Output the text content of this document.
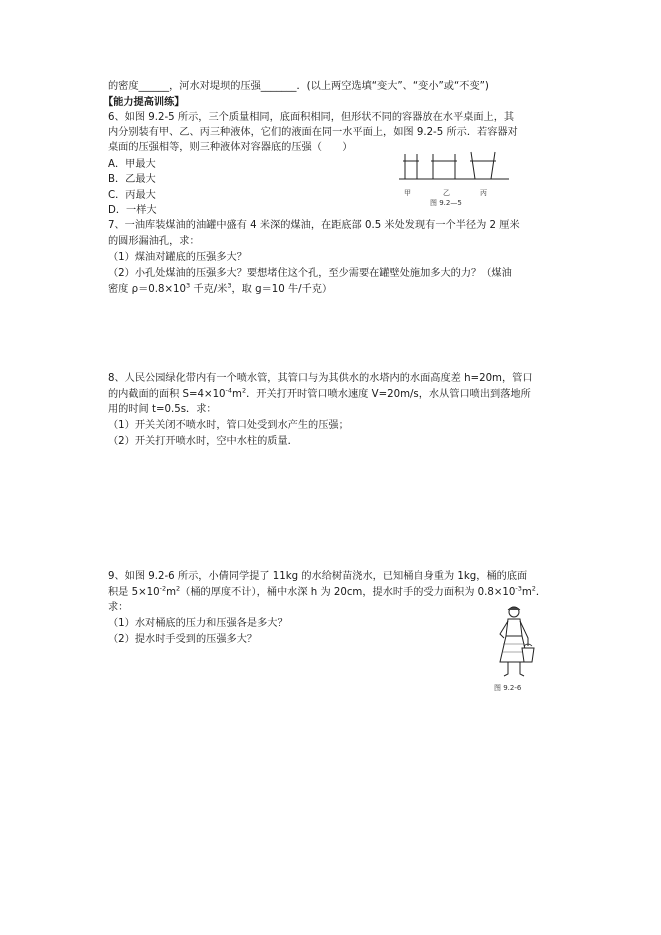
的密度______，河水对堤坝的压强_______．(以上两空选填“变大”、“变小”或“不变”)
【能力提高训练】
6、如图 9.2-5 所示，三个质量相同，底面积相同，但形状不同的容器放在水平桌面上，其
内分别装有甲、乙、丙三种液体，它们的液面在同一水平面上，如图 9.2-5 所示．若容器对
桌面的压强相等，则三种液体对容器底的压强（　　）
A．甲最大
B．乙最大
C．丙最大
D．一样大
甲	乙	丙
图 9.2—5
7、一油库装煤油的油罐中盛有 4 米深的煤油，在距底部 0.5 米处发现有一个半径为 2 厘米
的圆形漏油孔，求：
（1）煤油对罐底的压强多大？
（2）小孔处煤油的压强多大？要想堵住这个孔，至少需要在罐壁处施加多大的力？（煤油
密度 $\rho=0.8\times 10^3$ 千克/米$^3$，取 g＝10 牛/千克）
8、人民公园绿化带内有一个喷水管，其管口与为其供水的水塔内的水面高度差 h=20m，管口
的内截面的面积 $S=4\times 10^{-4}m^2$．开关打开时管口喷水速度 V=20m/s，水从管口喷出到落地所
用的时间 t=0.5s．求：
（1）开关关闭不喷水时，管口处受到水产生的压强；
（2）开关打开喷水时，空中水柱的质量．
9、如图 9.2-6 所示，小倩同学提了 11kg 的水给树苗浇水，已知桶自身重为 1kg，桶的底面
积是 $5\times 10^{-2}m^2$（桶的厚度不计），桶中水深 h 为 20cm，提水时手的受力面积为 $0.8\times 10^{-3}m^2$．
求：
（1）水对桶底的压力和压强各是多大？
（2）提水时手受到的压强多大？
图 9.2-6
